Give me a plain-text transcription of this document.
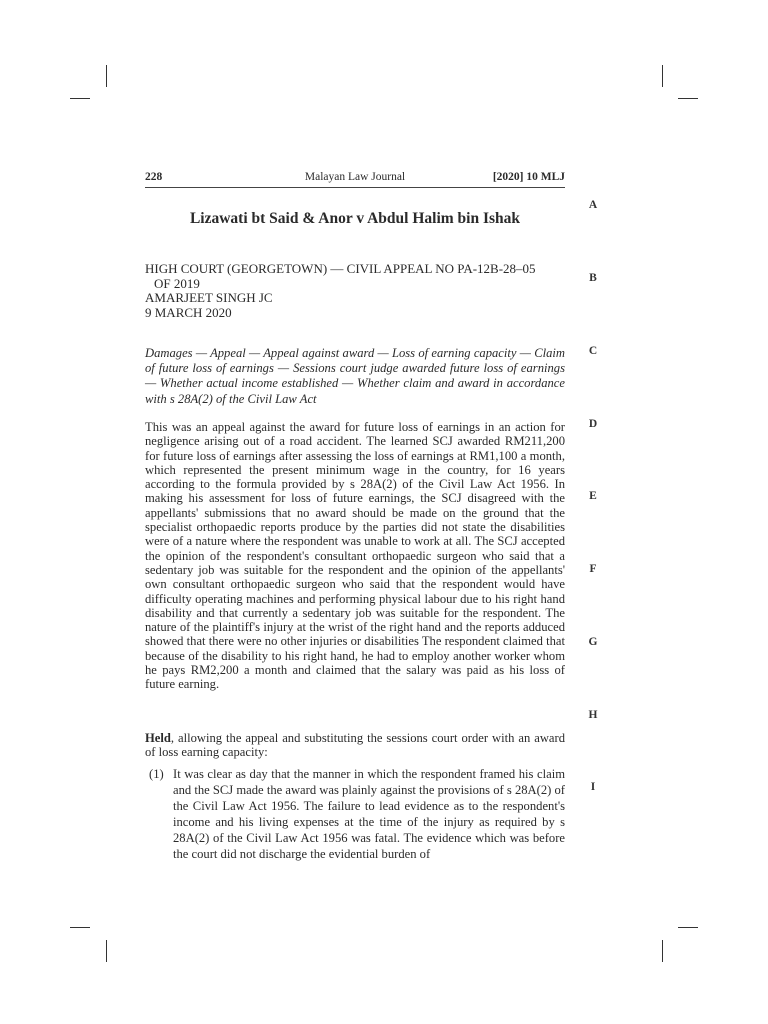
228	Malayan Law Journal	[2020] 10 MLJ
Lizawati bt Said & Anor v Abdul Halim bin Ishak
HIGH COURT (GEORGETOWN) — CIVIL APPEAL NO PA-12B-28–05
OF 2019
AMARJEET SINGH JC
9 MARCH 2020

Damages — Appeal — Appeal against award — Loss of earning capacity — Claim of future loss of earnings — Sessions court judge awarded future loss of earnings — Whether actual income established — Whether claim and award in accordance with s 28A(2) of the Civil Law Act

This was an appeal against the award for future loss of earnings in an action for negligence arising out of a road accident. The learned SCJ awarded RM211,200 for future loss of earnings after assessing the loss of earnings at RM1,100 a month, which represented the present minimum wage in the country, for 16 years according to the formula provided by s 28A(2) of the Civil Law Act 1956. In making his assessment for loss of future earnings, the SCJ disagreed with the appellants' submissions that no award should be made on the ground that the specialist orthopaedic reports produce by the parties did not state the disabilities were of a nature where the respondent was unable to work at all. The SCJ accepted the opinion of the respondent's consultant orthopaedic surgeon who said that a sedentary job was suitable for the respondent and the opinion of the appellants' own consultant orthopaedic surgeon who said that the respondent would have difficulty operating machines and performing physical labour due to his right hand disability and that currently a sedentary job was suitable for the respondent. The nature of the plaintiff's injury at the wrist of the right hand and the reports adduced showed that there were no other injuries or disabilities The respondent claimed that because of the disability to his right hand, he had to employ another worker whom he pays RM2,200 a month and claimed that the salary was paid as his loss of future earning.

Held, allowing the appeal and substituting the sessions court order with an award of loss earning capacity:

(1) It was clear as day that the manner in which the respondent framed his claim and the SCJ made the award was plainly against the provisions of s 28A(2) of the Civil Law Act 1956. The failure to lead evidence as to the respondent's income and his living expenses at the time of the injury as required by s 28A(2) of the Civil Law Act 1956 was fatal. The evidence which was before the court did not discharge the evidential burden of
A
B
C
D
E
F
G
H
I
